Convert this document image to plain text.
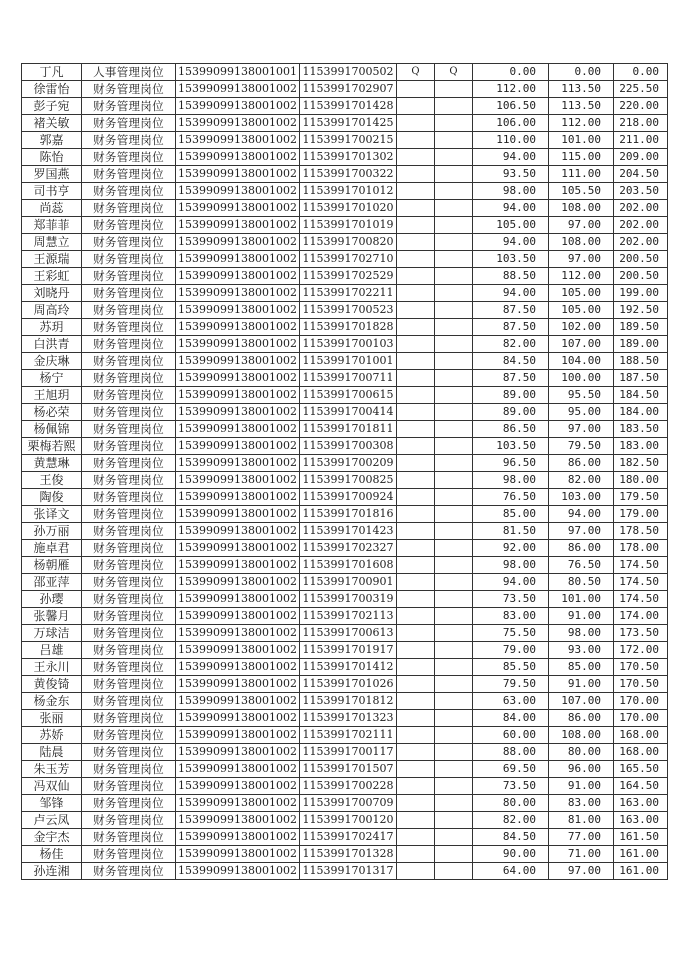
丁凡	人事管理岗位	15399099138001001	1153991700502	Q	Q	0.00	0.00	0.00
徐雷怡	财务管理岗位	15399099138001002	1153991702907			112.00	113.50	225.50
彭子宛	财务管理岗位	15399099138001002	1153991701428			106.50	113.50	220.00
褚关敏	财务管理岗位	15399099138001002	1153991701425			106.00	112.00	218.00
郭嘉	财务管理岗位	15399099138001002	1153991700215			110.00	101.00	211.00
陈怡	财务管理岗位	15399099138001002	1153991701302			94.00	115.00	209.00
罗国燕	财务管理岗位	15399099138001002	1153991700322			93.50	111.00	204.50
司书亨	财务管理岗位	15399099138001002	1153991701012			98.00	105.50	203.50
尚蕊	财务管理岗位	15399099138001002	1153991701020			94.00	108.00	202.00
郑菲菲	财务管理岗位	15399099138001002	1153991701019			105.00	97.00	202.00
周慧立	财务管理岗位	15399099138001002	1153991700820			94.00	108.00	202.00
王源瑞	财务管理岗位	15399099138001002	1153991702710			103.50	97.00	200.50
王彩虹	财务管理岗位	15399099138001002	1153991702529			88.50	112.00	200.50
刘晓丹	财务管理岗位	15399099138001002	1153991702211			94.00	105.00	199.00
周高玲	财务管理岗位	15399099138001002	1153991700523			87.50	105.00	192.50
苏玥	财务管理岗位	15399099138001002	1153991701828			87.50	102.00	189.50
白洪青	财务管理岗位	15399099138001002	1153991700103			82.00	107.00	189.00
金庆琳	财务管理岗位	15399099138001002	1153991701001			84.50	104.00	188.50
杨宁	财务管理岗位	15399099138001002	1153991700711			87.50	100.00	187.50
王旭玥	财务管理岗位	15399099138001002	1153991700615			89.00	95.50	184.50
杨必荣	财务管理岗位	15399099138001002	1153991700414			89.00	95.00	184.00
杨佩锦	财务管理岗位	15399099138001002	1153991701811			86.50	97.00	183.50
栗梅若熙	财务管理岗位	15399099138001002	1153991700308			103.50	79.50	183.00
黄慧琳	财务管理岗位	15399099138001002	1153991700209			96.50	86.00	182.50
王俊	财务管理岗位	15399099138001002	1153991700825			98.00	82.00	180.00
陶俊	财务管理岗位	15399099138001002	1153991700924			76.50	103.00	179.50
张译文	财务管理岗位	15399099138001002	1153991701816			85.00	94.00	179.00
孙万丽	财务管理岗位	15399099138001002	1153991701423			81.50	97.00	178.50
施卓君	财务管理岗位	15399099138001002	1153991702327			92.00	86.00	178.00
杨朝雁	财务管理岗位	15399099138001002	1153991701608			98.00	76.50	174.50
邵亚萍	财务管理岗位	15399099138001002	1153991700901			94.00	80.50	174.50
孙璎	财务管理岗位	15399099138001002	1153991700319			73.50	101.00	174.50
张馨月	财务管理岗位	15399099138001002	1153991702113			83.00	91.00	174.00
万球洁	财务管理岗位	15399099138001002	1153991700613			75.50	98.00	173.50
吕雄	财务管理岗位	15399099138001002	1153991701917			79.00	93.00	172.00
王永川	财务管理岗位	15399099138001002	1153991701412			85.50	85.00	170.50
黄俊锜	财务管理岗位	15399099138001002	1153991701026			79.50	91.00	170.50
杨金东	财务管理岗位	15399099138001002	1153991701812			63.00	107.00	170.00
张丽	财务管理岗位	15399099138001002	1153991701323			84.00	86.00	170.00
苏娇	财务管理岗位	15399099138001002	1153991702111			60.00	108.00	168.00
陆晨	财务管理岗位	15399099138001002	1153991700117			88.00	80.00	168.00
朱玉芳	财务管理岗位	15399099138001002	1153991701507			69.50	96.00	165.50
冯双仙	财务管理岗位	15399099138001002	1153991700228			73.50	91.00	164.50
邹锋	财务管理岗位	15399099138001002	1153991700709			80.00	83.00	163.00
卢云凤	财务管理岗位	15399099138001002	1153991700120			82.00	81.00	163.00
金宇杰	财务管理岗位	15399099138001002	1153991702417			84.50	77.00	161.50
杨佳	财务管理岗位	15399099138001002	1153991701328			90.00	71.00	161.00
孙连湘	财务管理岗位	15399099138001002	1153991701317			64.00	97.00	161.00
